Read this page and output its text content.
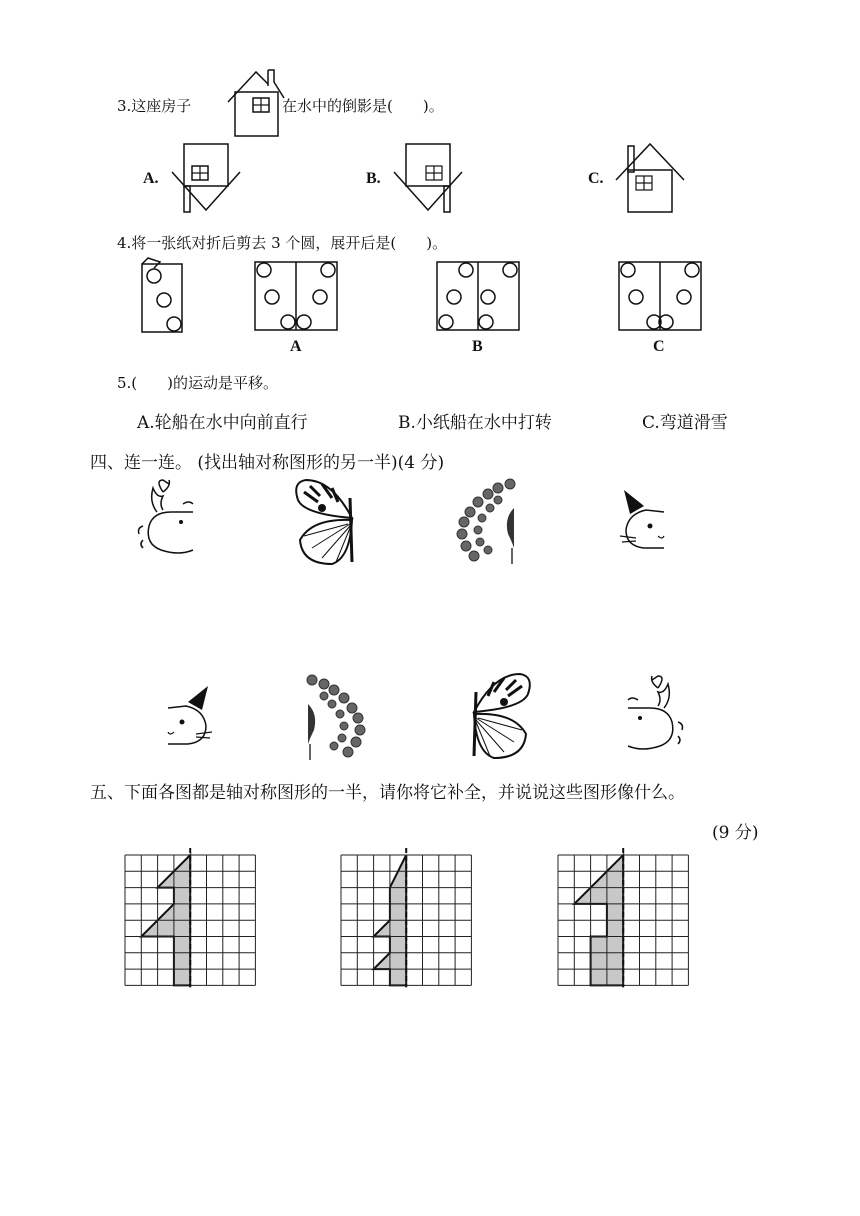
3.这座房子	在水中的倒影是(　　)。
A.	B.	C.
4.将一张纸对折后剪去 3 个圆，展开后是(　　)。
A	B	C
5.(　　)的运动是平移。
A.轮船在水中向前直行	B.小纸船在水中打转	C.弯道滑雪
四、连一连。 (找出轴对称图形的另一半)(4 分)
五、下面各图都是轴对称图形的一半，请你将它补全，并说说这些图形像什么。
(9 分)
